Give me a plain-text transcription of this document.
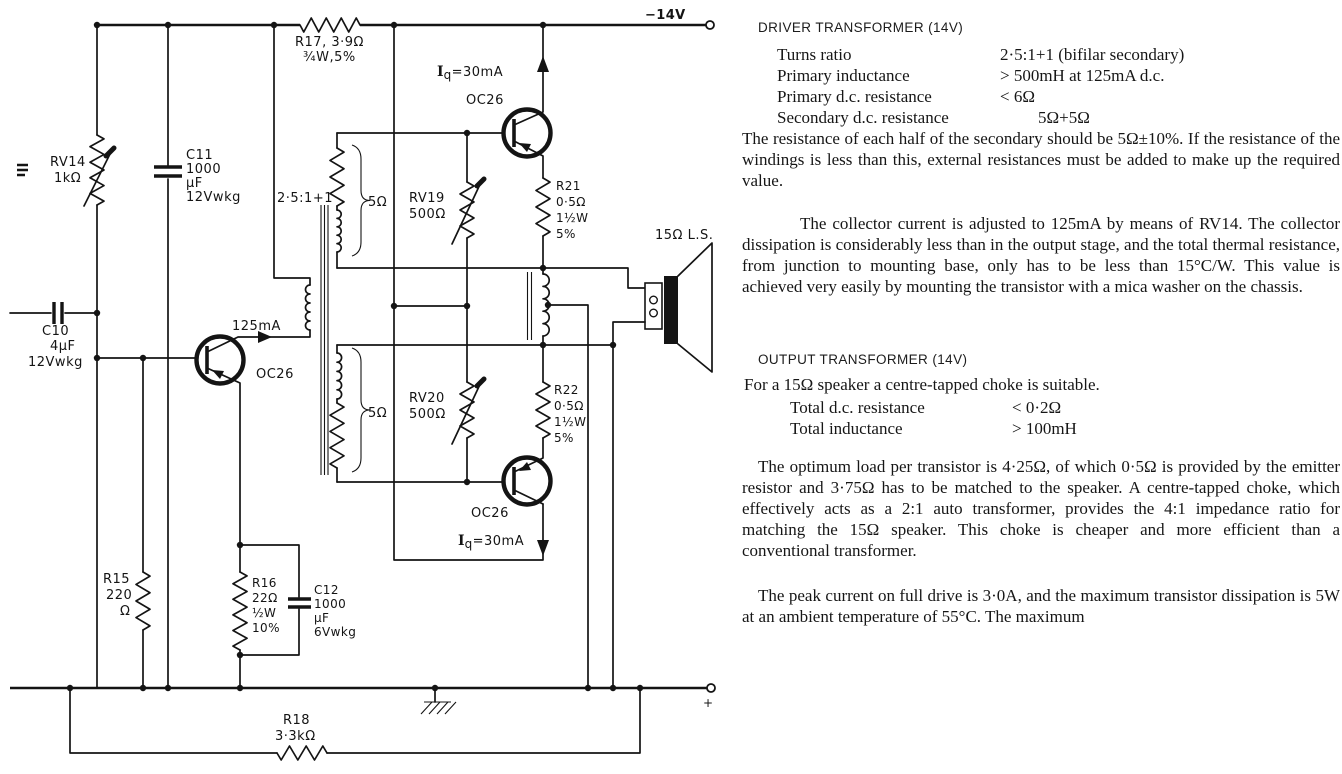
−14V
+
R17, 3·9Ω
¾W,5%
RV14
1kΩ
C11
1000
µF
12Vwkg
C10
4µF
12Vwkg
2·5:1+1	5Ω
5Ω
125mA
OC26
Iq=30mA
OC26
RV19
500Ω
RV20
500Ω
R21
0·5Ω
1½W
5%
R22
0·5Ω
1½W
5%
OC26
Iq=30mA
15Ω L.S.
R15
220
Ω
R16
22Ω
½W
10%
C12
1000
µF
6Vwkg
R18
3·3kΩ
DRIVER TRANSFORMER (14V)
Turns ratio	2·5:1+1 (bifilar secondary)
Primary inductance	> 500mH at 125mA d.c.
Primary d.c. resistance	< 6Ω
Secondary d.c. resistance	5Ω+5Ω
The resistance of each half of the secondary should be 5Ω±10%. If the resistance of the windings is less than this, external resistances must be added to make up the required value.
The collector current is adjusted to 125mA by means of RV14. The collector dissipation is considerably less than in the output stage, and the total thermal resistance, from junction to mounting base, only has to be less than 15°C/W. This value is achieved very easily by mounting the transistor with a mica washer on the chassis.
OUTPUT TRANSFORMER (14V)
For a 15Ω speaker a centre-tapped choke is suitable.
Total d.c. resistance	< 0·2Ω
Total inductance	> 100mH
The optimum load per transistor is 4·25Ω, of which 0·5Ω is provided by the emitter resistor and 3·75Ω has to be matched to the speaker. A centre-tapped choke, which effectively acts as a 2:1 auto transformer, provides the 4:1 impedance ratio for matching the 15Ω speaker. This choke is cheaper and more efficient than a conventional transformer.
The peak current on full drive is 3·0A, and the maximum transistor dissipation is 5W at an ambient temperature of 55°C. The maximum
